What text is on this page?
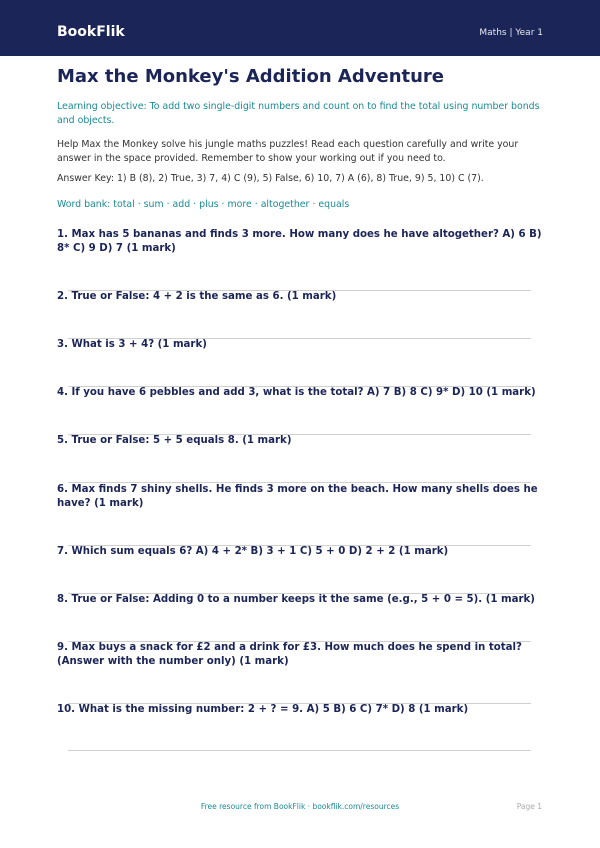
BookFlik	Maths | Year 1
Max the Monkey's Addition Adventure
Learning objective: To add two single-digit numbers and count on to find the total using number bonds and objects.
Help Max the Monkey solve his jungle maths puzzles! Read each question carefully and write your answer in the space provided. Remember to show your working out if you need to.
Answer Key: 1) B (8), 2) True, 3) 7, 4) C (9), 5) False, 6) 10, 7) A (6), 8) True, 9) 5, 10) C (7).
Word bank: total · sum · add · plus · more · altogether · equals
1. Max has 5 bananas and finds 3 more. How many does he have altogether? A) 6 B) 8* C) 9 D) 7 (1 mark)
2. True or False: 4 + 2 is the same as 6. (1 mark)
3. What is 3 + 4? (1 mark)
4. If you have 6 pebbles and add 3, what is the total? A) 7 B) 8 C) 9* D) 10 (1 mark)
5. True or False: 5 + 5 equals 8. (1 mark)
6. Max finds 7 shiny shells. He finds 3 more on the beach. How many shells does he have? (1 mark)
7. Which sum equals 6? A) 4 + 2* B) 3 + 1 C) 5 + 0 D) 2 + 2 (1 mark)
8. True or False: Adding 0 to a number keeps it the same (e.g., 5 + 0 = 5). (1 mark)
9. Max buys a snack for £2 and a drink for £3. How much does he spend in total? (Answer with the number only) (1 mark)
10. What is the missing number: 2 + ? = 9. A) 5 B) 6 C) 7* D) 8 (1 mark)
Free resource from BookFlik · bookflik.com/resources	Page 1
